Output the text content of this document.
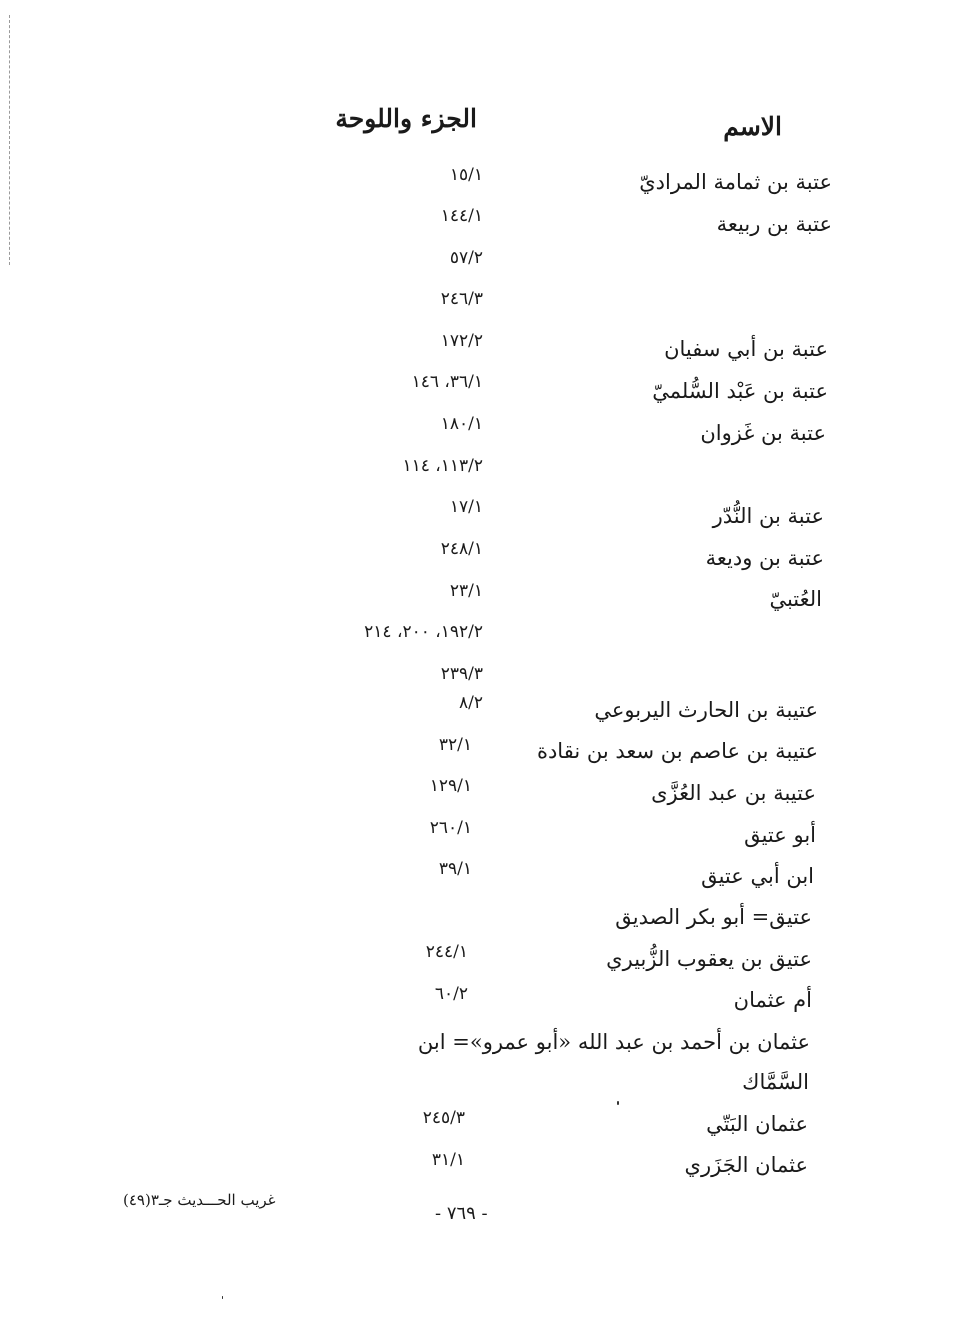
الاسم
الجزء واللوحة
عتبة بن ثمامة المراديّ
١٥/١
عتبة بن ربيعة
١٤٤/١
٥٧/٢
٢٤٦/٣
عتبة بن أبي سفيان
١٧٢/٢
عتبة بن عَبْد السُّلميّ
٣٦/١، ١٤٦
عتبة بن غَزوان
١٨٠/١
١١٣/٢، ١١٤
عتبة بن النُّدّر
١٧/١
عتبة بن وديعة
٢٤٨/١
العُتبيّ
٢٣/١
١٩٢/٢، ٢٠٠، ٢١٤
٢٣٩/٣
عتيبة بن الحارث اليربوعي
٨/٢
عتيبة بن عاصم بن سعد بن نقادة
٣٢/١
عتيبة بن عبد العُزَّى
١٢٩/١
أبو عتيق
٢٦٠/١
ابن أبي عتيق
٣٩/١
عتيق= أبو بكر الصديق
عتيق بن يعقوب الزُّبيري
٢٤٤/١
أم عثمان
٦٠/٢
عثمان بن أحمد بن عبد الله «أبو عمرو»= ابن
السَّمَّاك
عثمان البَتّي
٢٤٥/٣
عثمان الجَزَري
٣١/١
غريب الحـــديث جـ٣(٤٩)
- ٧٦٩ -
